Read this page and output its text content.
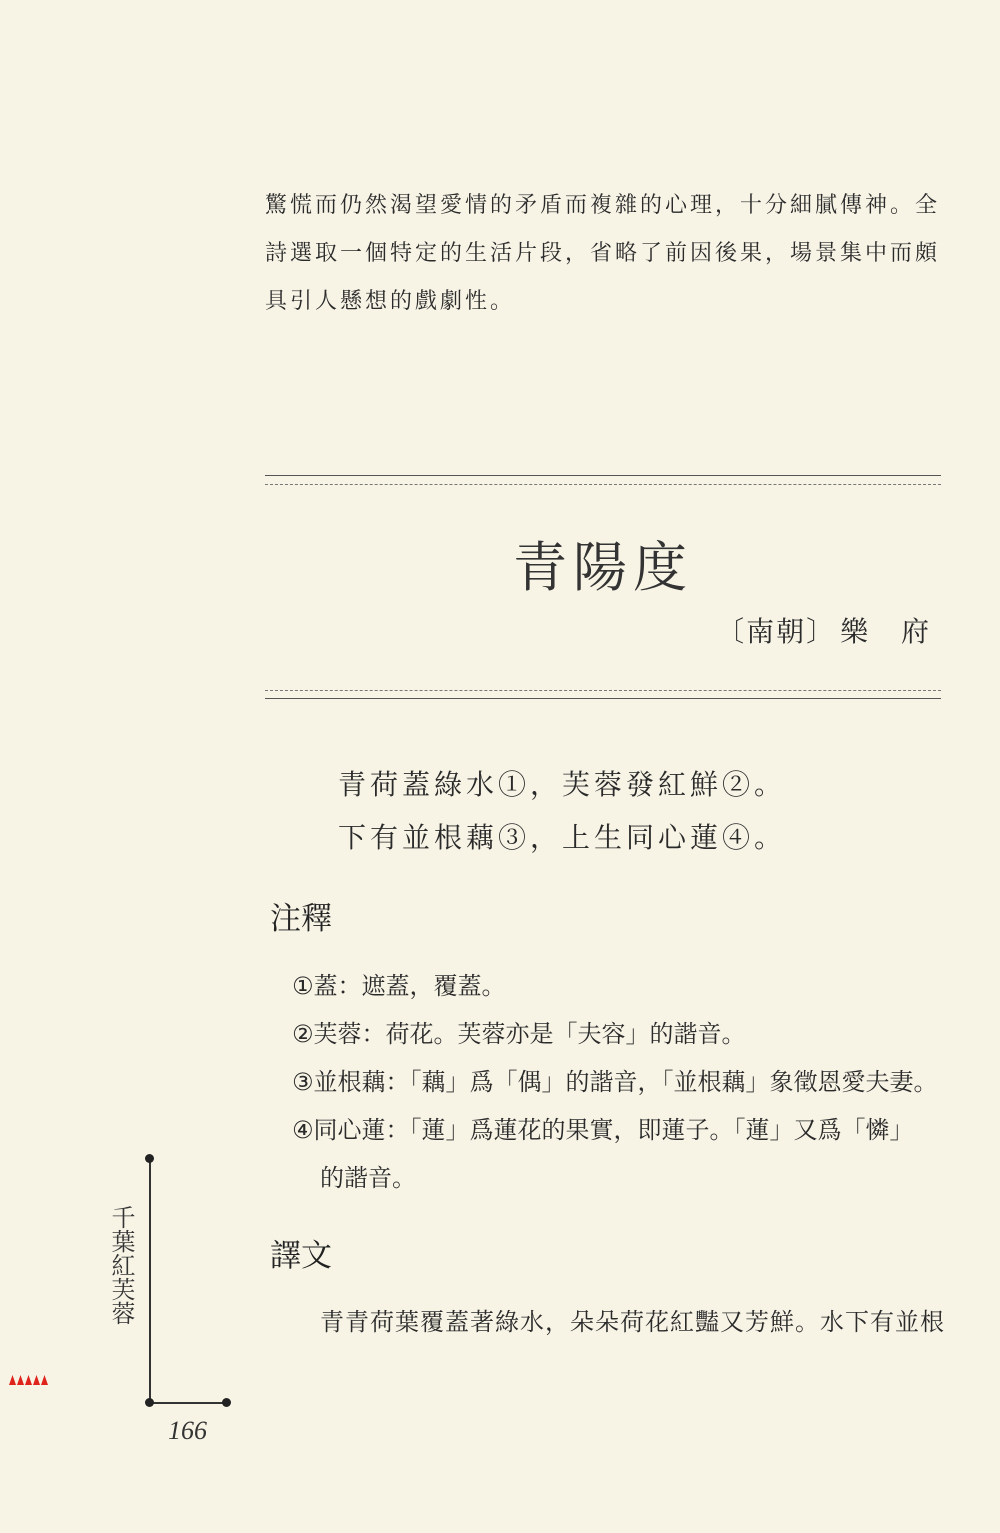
驚慌而仍然渴望愛情的矛盾而複雜的心理，十分細膩傳神。全

詩選取一個特定的生活片段，省略了前因後果，場景集中而頗

具引人懸想的戲劇性。

青陽度
〔南朝〕 樂 府

青荷蓋綠水①，芙蓉發紅鮮②。

下有並根藕③，上生同心蓮④。

注釋

①蓋：遮蓋，覆蓋。

②芙蓉：荷花。芙蓉亦是「夫容」的諧音。

③並根藕：「藕」爲「偶」的諧音，「並根藕」象徵恩愛夫妻。

④同心蓮：「蓮」爲蓮花的果實，即蓮子。「蓮」又爲「憐」

的諧音。

譯文
青青荷葉覆蓋著綠水，朵朵荷花紅豔又芳鮮。水下有並根
千葉紅芙蓉
166
